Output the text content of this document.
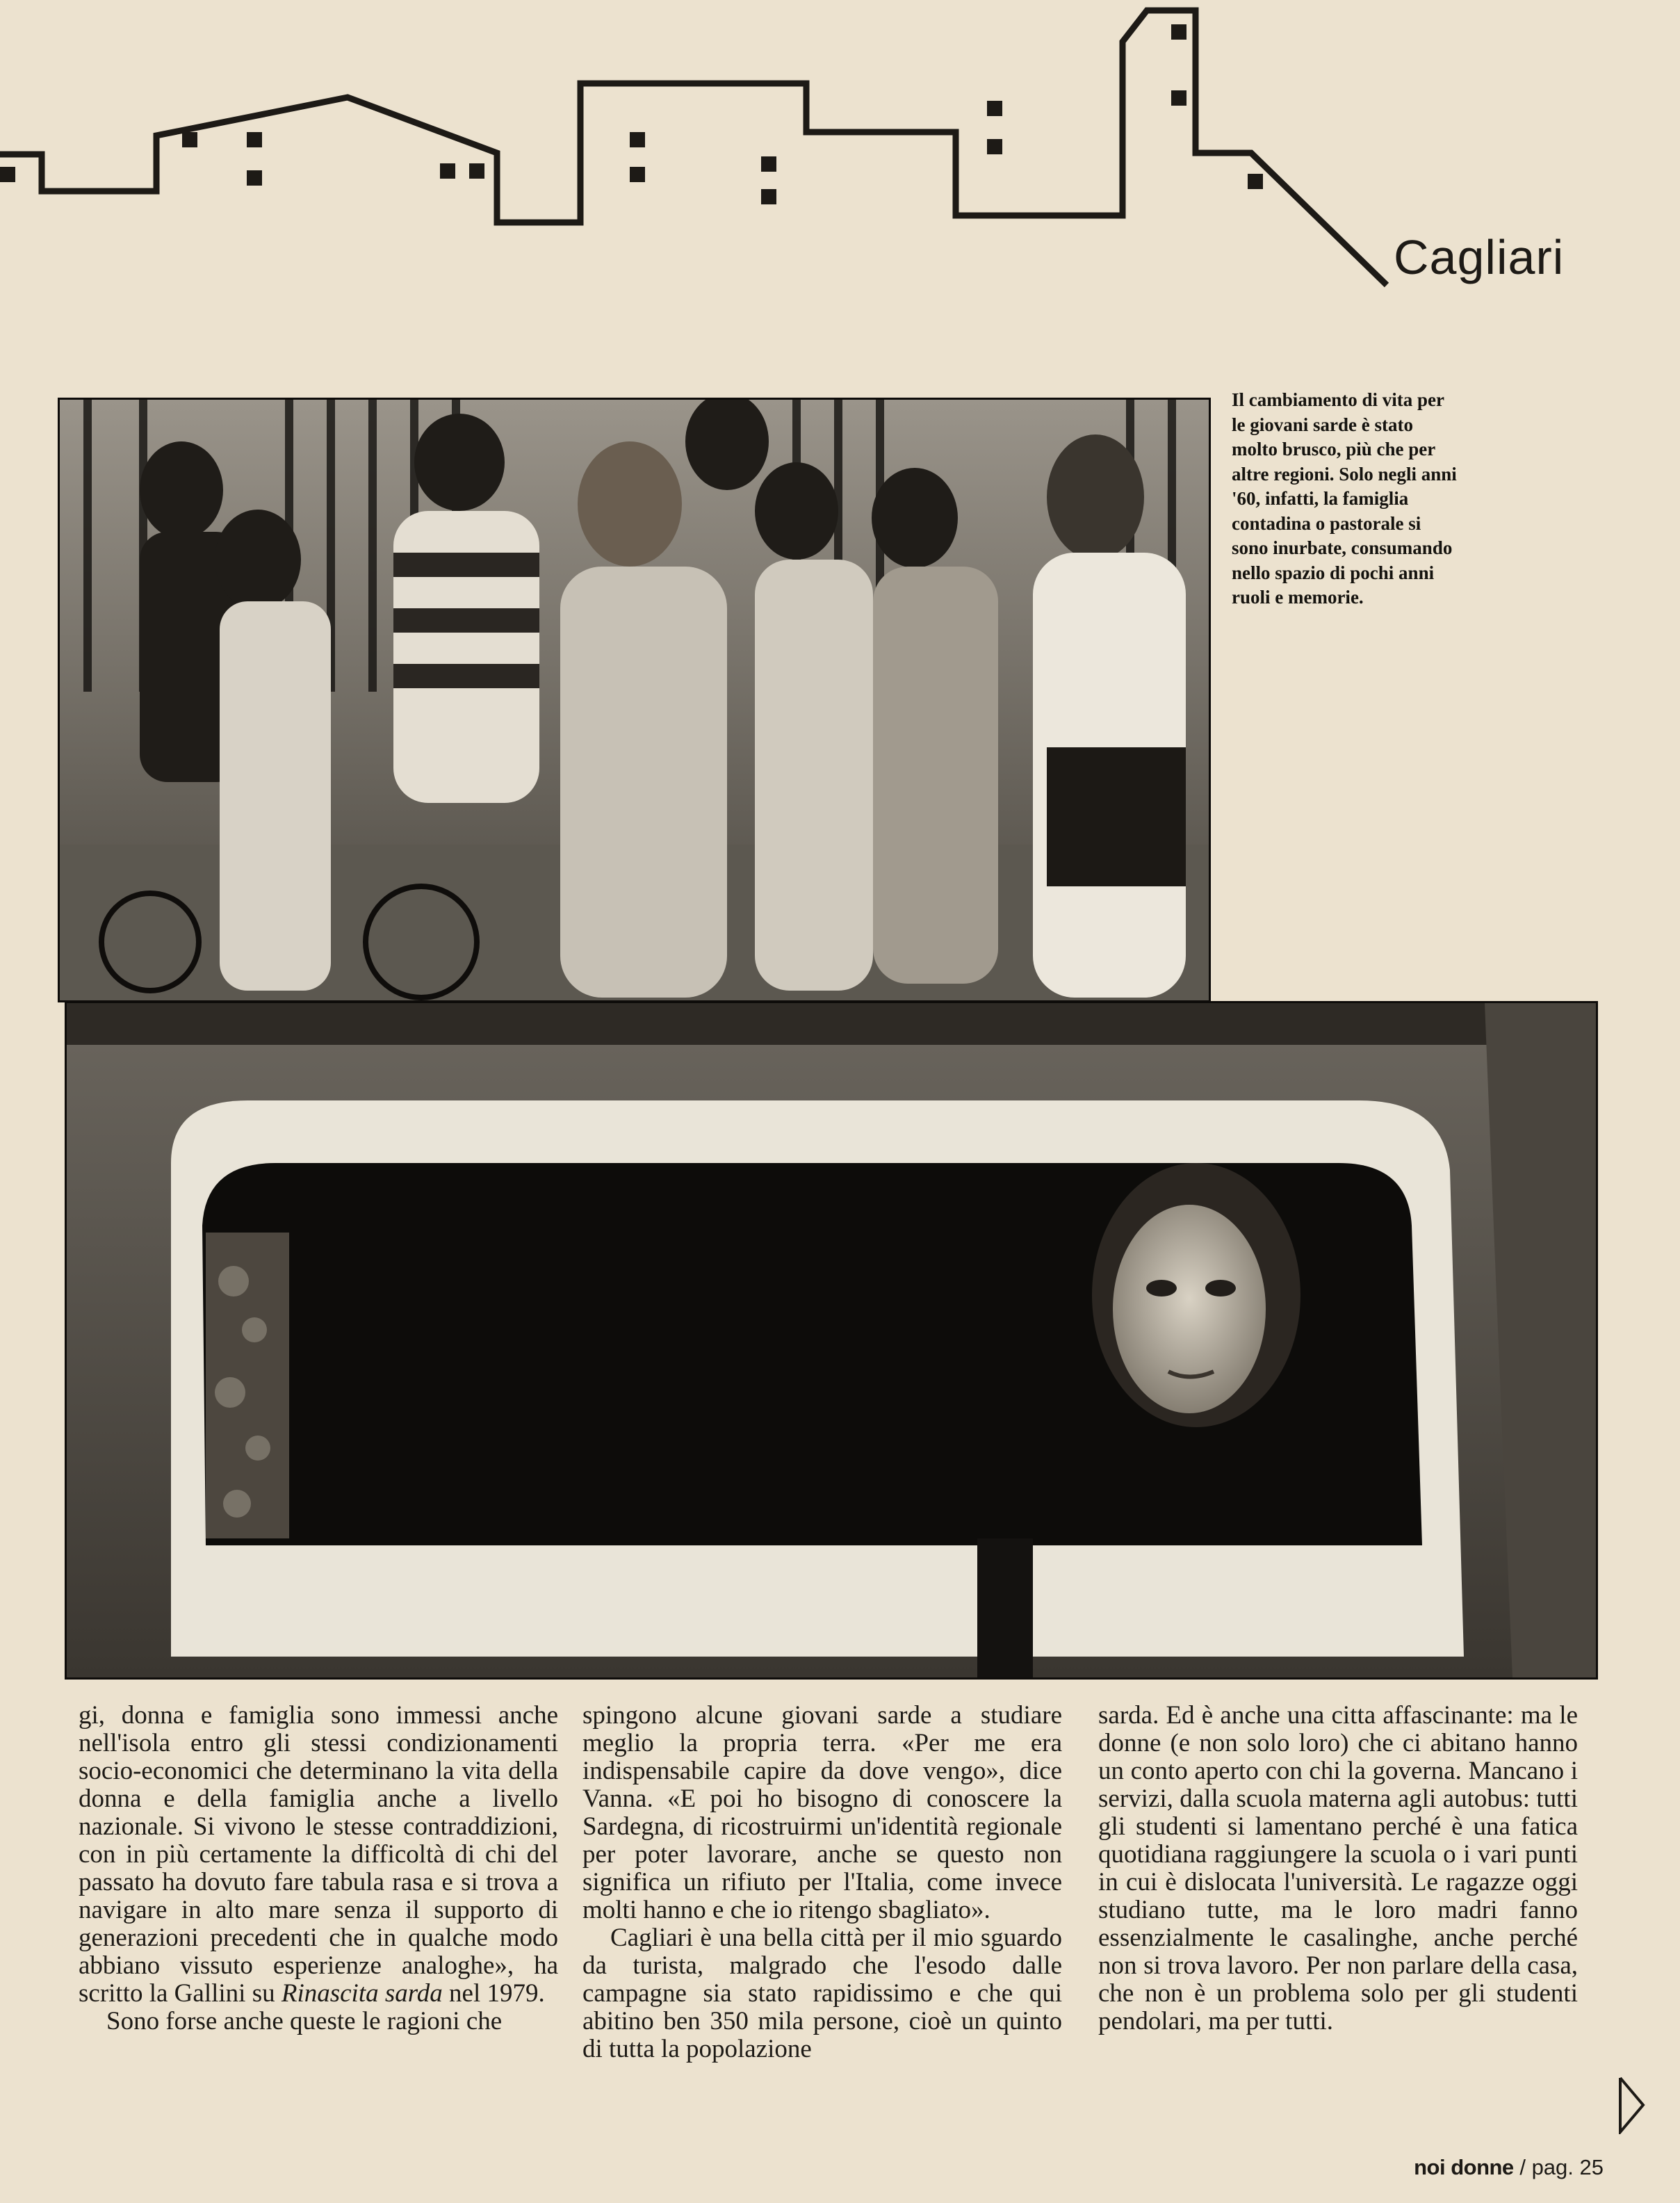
Cagliari

Il cambiamento di vita per le giovani sarde è stato molto brusco, più che per altre regioni. Solo negli anni '60, infatti, la famiglia contadina o pastorale si sono inurbate, consumando nello spazio di pochi anni ruoli e memorie.

gi, donna e famiglia sono immessi anche nell'isola entro gli stessi condizionamenti socio-economici che determinano la vita della donna e della famiglia anche a livello nazionale. Si vivono le stesse contraddizioni, con in più certamente la difficoltà di chi del passato ha dovuto fare tabula rasa e si trova a navigare in alto mare senza il supporto di generazioni precedenti che in qualche modo abbiano vissuto esperienze analoghe», ha scritto la Gallini su Rinascita sarda nel 1979.

Sono forse anche queste le ragioni che

spingono alcune giovani sarde a studiare meglio la propria terra. «Per me era indispensabile capire da dove vengo», dice Vanna. «E poi ho bisogno di conoscere la Sardegna, di ricostruirmi un'identità regionale per poter lavorare, anche se questo non significa un rifiuto per l'Italia, come invece molti hanno e che io ritengo sbagliato».

Cagliari è una bella città per il mio sguardo da turista, malgrado che l'esodo dalle campagne sia stato rapidissimo e che qui abitino ben 350 mila persone, cioè un quinto di tutta la popolazione

sarda. Ed è anche una citta affascinante: ma le donne (e non solo loro) che ci abitano hanno un conto aperto con chi la governa. Mancano i servizi, dalla scuola materna agli autobus: tutti gli studenti si lamentano perché è una fatica quotidiana raggiungere la scuola o i vari punti in cui è dislocata l'università. Le ragazze oggi studiano tutte, ma le loro madri fanno essenzialmente le casalinghe, anche perché non si trova lavoro. Per non parlare della casa, che non è un problema solo per gli studenti pendolari, ma per tutti.

noi donne / pag. 25
